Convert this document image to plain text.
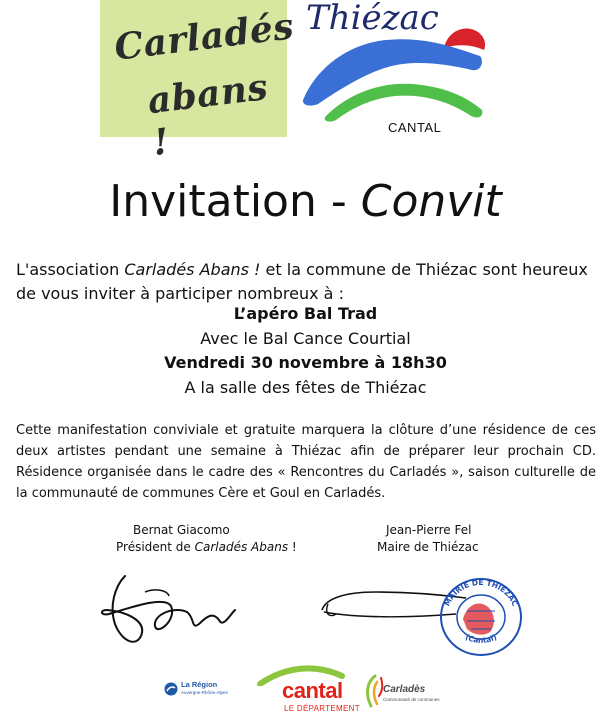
Carladés
abans !
Thiézac
CANTAL
Invitation - Convit
L'association Carladés Abans ! et la commune de Thiézac sont heureux de vous inviter à participer nombreux à :
L’apéro Bal Trad
Avec le Bal Cance Courtial
Vendredi 30 novembre à 18h30
A la salle des fêtes de Thiézac
Cette manifestation conviviale et gratuite marquera la clôture d’une résidence de ces deux artistes pendant une semaine à Thiézac afin de préparer leur prochain CD. Résidence organisée dans le cadre des « Rencontres du Carladés », saison culturelle de la communauté de communes Cère et Goul en Carladés.
Bernat Giacomo
Président de Carladés Abans !
Jean-Pierre Fel
Maire de Thiézac
MAIRIE DE THIÉZAC
(Cantal)
La Région
Auvergne-Rhône-Alpes cantal
LE DÉPARTEMENT
Carladès
Communauté de communes
